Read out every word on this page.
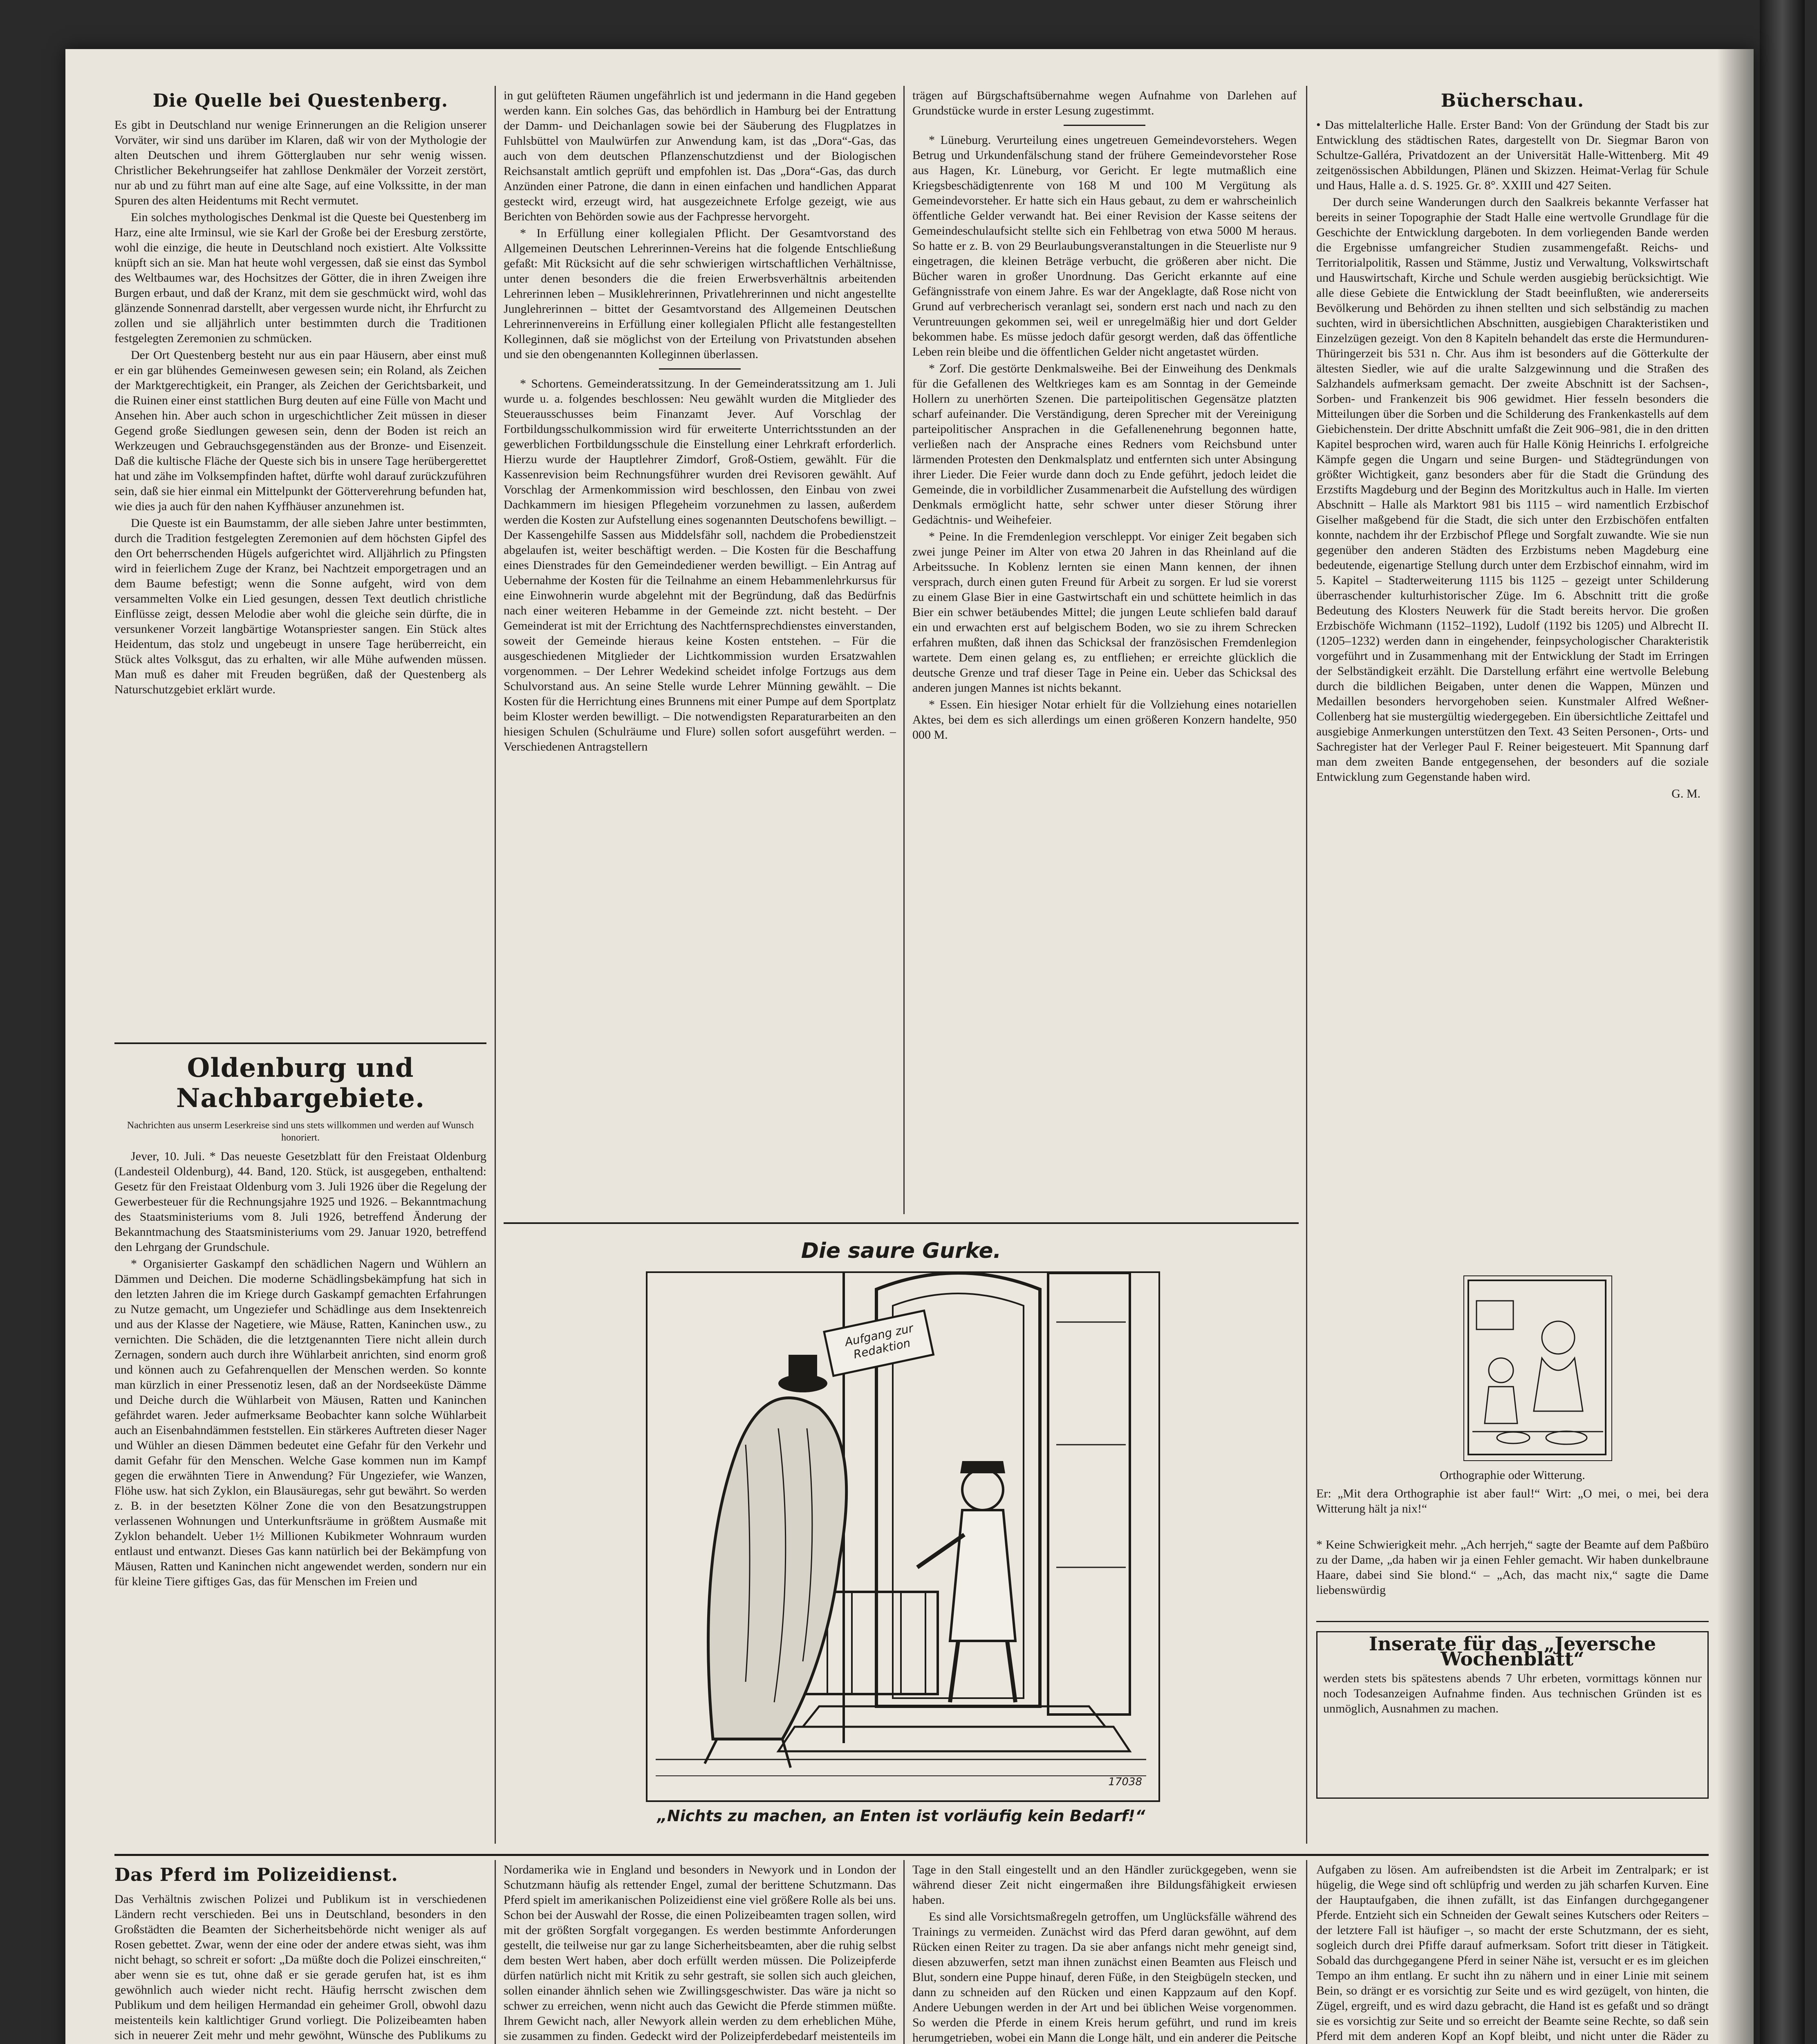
Die Quelle bei Questenberg.

Es gibt in Deutschland nur wenige Erinnerungen an die Religion unserer Vorväter, wir sind uns darüber im Klaren, daß wir von der Mythologie der alten Deutschen und ihrem Götterglauben nur sehr wenig wissen. Christlicher Bekehrungseifer hat zahllose Denkmäler der Vorzeit zerstört, nur ab und zu führt man auf eine alte Sage, auf eine Volkssitte, in der man Spuren des alten Heidentums mit Recht vermutet.

Ein solches mythologisches Denkmal ist die Queste bei Questenberg im Harz, eine alte Irminsul, wie sie Karl der Große bei der Eresburg zerstörte, wohl die einzige, die heute in Deutschland noch existiert. Alte Volkssitte knüpft sich an sie. Man hat heute wohl vergessen, daß sie einst das Symbol des Weltbaumes war, des Hochsitzes der Götter, die in ihren Zweigen ihre Burgen erbaut, und daß der Kranz, mit dem sie geschmückt wird, wohl das glänzende Sonnenrad darstellt, aber vergessen wurde nicht, ihr Ehrfurcht zu zollen und sie alljährlich unter bestimmten durch die Traditionen festgelegten Zeremonien zu schmücken.

Der Ort Questenberg besteht nur aus ein paar Häusern, aber einst muß er ein gar blühendes Gemeinwesen gewesen sein; ein Roland, als Zeichen der Marktgerechtigkeit, ein Pranger, als Zeichen der Gerichtsbarkeit, und die Ruinen einer einst stattlichen Burg deuten auf eine Fülle von Macht und Ansehen hin. Aber auch schon in urgeschichtlicher Zeit müssen in dieser Gegend große Siedlungen gewesen sein, denn der Boden ist reich an Werkzeugen und Gebrauchsgegenständen aus der Bronze- und Eisenzeit. Daß die kultische Fläche der Queste sich bis in unsere Tage herübergerettet hat und zähe im Volksempfinden haftet, dürfte wohl darauf zurückzuführen sein, daß sie hier einmal ein Mittelpunkt der Götterverehrung befunden hat, wie dies ja auch für den nahen Kyffhäuser anzunehmen ist.

Die Queste ist ein Baumstamm, der alle sieben Jahre unter bestimmten, durch die Tradition festgelegten Zeremonien auf dem höchsten Gipfel des den Ort beherrschenden Hügels aufgerichtet wird. Alljährlich zu Pfingsten wird in feierlichem Zuge der Kranz, bei Nachtzeit emporgetragen und an dem Baume befestigt; wenn die Sonne aufgeht, wird von dem versammelten Volke ein Lied gesungen, dessen Text deutlich christliche Einflüsse zeigt, dessen Melodie aber wohl die gleiche sein dürfte, die in versunkener Vorzeit langbärtige Wotanspriester sangen. Ein Stück altes Heidentum, das stolz und ungebeugt in unsere Tage herüberreicht, ein Stück altes Volksgut, das zu erhalten, wir alle Mühe aufwenden müssen. Man muß es daher mit Freuden begrüßen, daß der Questenberg als Naturschutzgebiet erklärt wurde.

Oldenburg und Nachbargebiete.
Nachrichten aus unserm Leserkreise sind uns stets willkommen und werden auf Wunsch honoriert.

Jever, 10. Juli. * Das neueste Gesetzblatt für den Freistaat Oldenburg (Landesteil Oldenburg), 44. Band, 120. Stück, ist ausgegeben, enthaltend: Gesetz für den Freistaat Oldenburg vom 3. Juli 1926 über die Regelung der Gewerbesteuer für die Rechnungsjahre 1925 und 1926. – Bekanntmachung des Staatsministeriums vom 8. Juli 1926, betreffend Änderung der Bekanntmachung des Staatsministeriums vom 29. Januar 1920, betreffend den Lehrgang der Grundschule.

* Organisierter Gaskampf den schädlichen Nagern und Wühlern an Dämmen und Deichen. Die moderne Schädlingsbekämpfung hat sich in den letzten Jahren die im Kriege durch Gaskampf gemachten Erfahrungen zu Nutze gemacht, um Ungeziefer und Schädlinge aus dem Insektenreich und aus der Klasse der Nagetiere, wie Mäuse, Ratten, Kaninchen usw., zu vernichten. Die Schäden, die die letztgenannten Tiere nicht allein durch Zernagen, sondern auch durch ihre Wühlarbeit anrichten, sind enorm groß und können auch zu Gefahrenquellen der Menschen werden. So konnte man kürzlich in einer Pressenotiz lesen, daß an der Nordseeküste Dämme und Deiche durch die Wühlarbeit von Mäusen, Ratten und Kaninchen gefährdet waren. Jeder aufmerksame Beobachter kann solche Wühlarbeit auch an Eisenbahndämmen feststellen. Ein stärkeres Auftreten dieser Nager und Wühler an diesen Dämmen bedeutet eine Gefahr für den Verkehr und damit Gefahr für den Menschen. Welche Gase kommen nun im Kampf gegen die erwähnten Tiere in Anwendung? Für Ungeziefer, wie Wanzen, Flöhe usw. hat sich Zyklon, ein Blausäuregas, sehr gut bewährt. So werden z. B. in der besetzten Kölner Zone die von den Besatzungstruppen verlassenen Wohnungen und Unterkunftsräume in größtem Ausmaße mit Zyklon behandelt. Ueber 1½ Millionen Kubikmeter Wohnraum wurden entlaust und entwanzt. Dieses Gas kann natürlich bei der Bekämpfung von Mäusen, Ratten und Kaninchen nicht angewendet werden, sondern nur ein für kleine Tiere giftiges Gas, das für Menschen im Freien und

in gut gelüfteten Räumen ungefährlich ist und jedermann in die Hand gegeben werden kann. Ein solches Gas, das behördlich in Hamburg bei der Entrattung der Damm- und Deichanlagen sowie bei der Säuberung des Flugplatzes in Fuhlsbüttel von Maulwürfen zur Anwendung kam, ist das „Dora“-Gas, das auch von dem deutschen Pflanzenschutzdienst und der Biologischen Reichsanstalt amtlich geprüft und empfohlen ist. Das „Dora“-Gas, das durch Anzünden einer Patrone, die dann in einen einfachen und handlichen Apparat gesteckt wird, erzeugt wird, hat ausgezeichnete Erfolge gezeigt, wie aus Berichten von Behörden sowie aus der Fachpresse hervorgeht.

* In Erfüllung einer kollegialen Pflicht. Der Gesamtvorstand des Allgemeinen Deutschen Lehrerinnen-Vereins hat die folgende Entschließung gefaßt: Mit Rücksicht auf die sehr schwierigen wirtschaftlichen Verhältnisse, unter denen besonders die die freien Erwerbsverhältnis arbeitenden Lehrerinnen leben – Musiklehrerinnen, Privatlehrerinnen und nicht angestellte Junglehrerinnen – bittet der Gesamtvorstand des Allgemeinen Deutschen Lehrerinnenvereins in Erfüllung einer kollegialen Pflicht alle festangestellten Kolleginnen, daß sie möglichst von der Erteilung von Privatstunden absehen und sie den obengenannten Kolleginnen überlassen.

* Schortens. Gemeinderatssitzung. In der Gemeinderatssitzung am 1. Juli wurde u. a. folgendes beschlossen: Neu gewählt wurden die Mitglieder des Steuerausschusses beim Finanzamt Jever. Auf Vorschlag der Fortbildungsschulkommission wird für erweiterte Unterrichtsstunden an der gewerblichen Fortbildungsschule die Einstellung einer Lehrkraft erforderlich. Hierzu wurde der Hauptlehrer Zimdorf, Groß-Ostiem, gewählt. Für die Kassenrevision beim Rechnungsführer wurden drei Revisoren gewählt. Auf Vorschlag der Armenkommission wird beschlossen, den Einbau von zwei Dachkammern im hiesigen Pflegeheim vorzunehmen zu lassen, außerdem werden die Kosten zur Aufstellung eines sogenannten Deutschofens bewilligt. – Der Kassengehilfe Sassen aus Middelsfähr soll, nachdem die Probedienstzeit abgelaufen ist, weiter beschäftigt werden. – Die Kosten für die Beschaffung eines Dienstrades für den Gemeindediener werden bewilligt. – Ein Antrag auf Uebernahme der Kosten für die Teilnahme an einem Hebammenlehrkursus für eine Einwohnerin wurde abgelehnt mit der Begründung, daß das Bedürfnis nach einer weiteren Hebamme in der Gemeinde zzt. nicht besteht. – Der Gemeinderat ist mit der Errichtung des Nachtfernsprechdienstes einverstanden, soweit der Gemeinde hieraus keine Kosten entstehen. – Für die ausgeschiedenen Mitglieder der Lichtkommission wurden Ersatzwahlen vorgenommen. – Der Lehrer Wedekind scheidet infolge Fortzugs aus dem Schulvorstand aus. An seine Stelle wurde Lehrer Münning gewählt. – Die Kosten für die Herrichtung eines Brunnens mit einer Pumpe auf dem Sportplatz beim Kloster werden bewilligt. – Die notwendigsten Reparaturarbeiten an den hiesigen Schulen (Schulräume und Flure) sollen sofort ausgeführt werden. – Verschiedenen Antragstellern

trägen auf Bürgschaftsübernahme wegen Aufnahme von Darlehen auf Grundstücke wurde in erster Lesung zugestimmt.

* Lüneburg. Verurteilung eines ungetreuen Gemeindevorstehers. Wegen Betrug und Urkundenfälschung stand der frühere Gemeindevorsteher Rose aus Hagen, Kr. Lüneburg, vor Gericht. Er legte mutmaßlich eine Kriegsbeschädigtenrente von 168 M und 100 M Vergütung als Gemeindevorsteher. Er hatte sich ein Haus gebaut, zu dem er wahrscheinlich öffentliche Gelder verwandt hat. Bei einer Revision der Kasse seitens der Gemeindeschulaufsicht stellte sich ein Fehlbetrag von etwa 5000 M heraus. So hatte er z. B. von 29 Beurlaubungsveranstaltungen in die Steuerliste nur 9 eingetragen, die kleinen Beträge verbucht, die größeren aber nicht. Die Bücher waren in großer Unordnung. Das Gericht erkannte auf eine Gefängnisstrafe von einem Jahre. Es war der Angeklagte, daß Rose nicht von Grund auf verbrecherisch veranlagt sei, sondern erst nach und nach zu den Veruntreuungen gekommen sei, weil er unregelmäßig hier und dort Gelder bekommen habe. Es müsse jedoch dafür gesorgt werden, daß das öffentliche Leben rein bleibe und die öffentlichen Gelder nicht angetastet würden.

* Zorf. Die gestörte Denkmalsweihe. Bei der Einweihung des Denkmals für die Gefallenen des Weltkrieges kam es am Sonntag in der Gemeinde Hollern zu unerhörten Szenen. Die parteipolitischen Gegensätze platzten scharf aufeinander. Die Verständigung, deren Sprecher mit der Vereinigung parteipolitischer Ansprachen in die Gefallenenehrung begonnen hatte, verließen nach der Ansprache eines Redners vom Reichsbund unter lärmenden Protesten den Denkmalsplatz und entfernten sich unter Absingung ihrer Lieder. Die Feier wurde dann doch zu Ende geführt, jedoch leidet die Gemeinde, die in vorbildlicher Zusammenarbeit die Aufstellung des würdigen Denkmals ermöglicht hatte, sehr schwer unter dieser Störung ihrer Gedächtnis- und Weihefeier.

* Peine. In die Fremdenlegion verschleppt. Vor einiger Zeit begaben sich zwei junge Peiner im Alter von etwa 20 Jahren in das Rheinland auf die Arbeitssuche. In Koblenz lernten sie einen Mann kennen, der ihnen versprach, durch einen guten Freund für Arbeit zu sorgen. Er lud sie vorerst zu einem Glase Bier in eine Gastwirtschaft ein und schüttete heimlich in das Bier ein schwer betäubendes Mittel; die jungen Leute schliefen bald darauf ein und erwachten erst auf belgischem Boden, wo sie zu ihrem Schrecken erfahren mußten, daß ihnen das Schicksal der französischen Fremdenlegion wartete. Dem einen gelang es, zu entfliehen; er erreichte glücklich die deutsche Grenze und traf dieser Tage in Peine ein. Ueber das Schicksal des anderen jungen Mannes ist nichts bekannt.

* Essen. Ein hiesiger Notar erhielt für die Vollziehung eines notariellen Aktes, bei dem es sich allerdings um einen größeren Konzern handelte, 950 000 M.

Bücherschau.

• Das mittelalterliche Halle. Erster Band: Von der Gründung der Stadt bis zur Entwicklung des städtischen Rates, dargestellt von Dr. Siegmar Baron von Schultze-Galléra, Privatdozent an der Universität Halle-Wittenberg. Mit 49 zeitgenössischen Abbildungen, Plänen und Skizzen. Heimat-Verlag für Schule und Haus, Halle a. d. S. 1925. Gr. 8°. XXIII und 427 Seiten.

Der durch seine Wanderungen durch den Saalkreis bekannte Verfasser hat bereits in seiner Topographie der Stadt Halle eine wertvolle Grundlage für die Geschichte der Entwicklung dargeboten. In dem vorliegenden Bande werden die Ergebnisse umfangreicher Studien zusammengefaßt. Reichs- und Territorialpolitik, Rassen und Stämme, Justiz und Verwaltung, Volkswirtschaft und Hauswirtschaft, Kirche und Schule werden ausgiebig berücksichtigt. Wie alle diese Gebiete die Entwicklung der Stadt beeinflußten, wie andererseits Bevölkerung und Behörden zu ihnen stellten und sich selbständig zu machen suchten, wird in übersichtlichen Abschnitten, ausgiebigen Charakteristiken und Einzelzügen gezeigt. Von den 8 Kapiteln behandelt das erste die Hermunduren-Thüringerzeit bis 531 n. Chr. Aus ihm ist besonders auf die Götterkulte der ältesten Siedler, wie auf die uralte Salzgewinnung und die Straßen des Salzhandels aufmerksam gemacht. Der zweite Abschnitt ist der Sachsen-, Sorben- und Frankenzeit bis 906 gewidmet. Hier fesseln besonders die Mitteilungen über die Sorben und die Schilderung des Frankenkastells auf dem Giebichenstein. Der dritte Abschnitt umfaßt die Zeit 906–981, die in den dritten Kapitel besprochen wird, waren auch für Halle König Heinrichs I. erfolgreiche Kämpfe gegen die Ungarn und seine Burgen- und Städtegründungen von größter Wichtigkeit, ganz besonders aber für die Stadt die Gründung des Erzstifts Magdeburg und der Beginn des Moritzkultus auch in Halle. Im vierten Abschnitt – Halle als Marktort 981 bis 1115 – wird namentlich Erzbischof Giselher maßgebend für die Stadt, die sich unter den Erzbischöfen entfalten konnte, nachdem ihr der Erzbischof Pflege und Sorgfalt zuwandte. Wie sie nun gegenüber den anderen Städten des Erzbistums neben Magdeburg eine bedeutende, eigenartige Stellung durch unter dem Erzbischof einnahm, wird im 5. Kapitel – Stadterweiterung 1115 bis 1125 – gezeigt unter Schilderung überraschender kulturhistorischer Züge. Im 6. Abschnitt tritt die große Bedeutung des Klosters Neuwerk für die Stadt bereits hervor. Die großen Erzbischöfe Wichmann (1152–1192), Ludolf (1192 bis 1205) und Albrecht II. (1205–1232) werden dann in eingehender, feinpsychologischer Charakteristik vorgeführt und in Zusammenhang mit der Entwicklung der Stadt im Erringen der Selbständigkeit erzählt. Die Darstellung erfährt eine wertvolle Belebung durch die bildlichen Beigaben, unter denen die Wappen, Münzen und Medaillen besonders hervorgehoben seien. Kunstmaler Alfred Weßner-Collenberg hat sie mustergültig wiedergegeben. Ein übersichtliche Zeittafel und ausgiebige Anmerkungen unterstützen den Text. 43 Seiten Personen-, Orts- und Sachregister hat der Verleger Paul F. Reiner beigesteuert. Mit Spannung darf man dem zweiten Bande entgegensehen, der besonders auf die soziale Entwicklung zum Gegenstande haben wird.

G. M.
Orthographie oder Witterung.
Er: „Mit dera Orthographie ist aber faul!“ Wirt: „O mei, o mei, bei dera Witterung hält ja nix!“
* Keine Schwierigkeit mehr. „Ach herrjeh,“ sagte der Beamte auf dem Paßbüro zu der Dame, „da haben wir ja einen Fehler gemacht. Wir haben dunkelbraune Haare, dabei sind Sie blond.“ – „Ach, das macht nix,“ sagte die Dame liebenswürdig
Inserate für das „Jeversche Wochenblatt“
werden stets bis spätestens abends 7 Uhr erbeten, vormittags können nur noch Todesanzeigen Aufnahme finden. Aus technischen Gründen ist es unmöglich, Ausnahmen zu machen.
Die saure Gurke.
Aufgang zur Redaktion
17038
„Nichts zu machen, an Enten ist vorläufig kein Bedarf!“
Das Pferd im Polizeidienst.

Das Verhältnis zwischen Polizei und Publikum ist in verschiedenen Ländern recht verschieden. Bei uns in Deutschland, besonders in den Großstädten die Beamten der Sicherheitsbehörde nicht weniger als auf Rosen gebettet. Zwar, wenn der eine oder der andere etwas sieht, was ihm nicht behagt, so schreit er sofort: „Da müßte doch die Polizei einschreiten,“ aber wenn sie es tut, ohne daß er sie gerade gerufen hat, ist es ihm gewöhnlich auch wieder nicht recht. Häufig herrscht zwischen dem Publikum und dem heiligen Hermandad ein geheimer Groll, obwohl dazu meistenteils kein kaltlichtiger Grund vorliegt. Die Polizeibeamten haben sich in neuerer Zeit mehr und mehr gewöhnt, Wünsche des Publikums zu

Nordamerika wie in England und besonders in Newyork und in London der Schutzmann häufig als rettender Engel, zumal der berittene Schutzmann. Das Pferd spielt im amerikanischen Polizeidienst eine viel größere Rolle als bei uns. Schon bei der Auswahl der Rosse, die einen Polizeibeamten tragen sollen, wird mit der größten Sorgfalt vorgegangen. Es werden bestimmte Anforderungen gestellt, die teilweise nur gar zu lange Sicherheitsbeamten, aber die ruhig selbst dem besten Wert haben, aber doch erfüllt werden müssen. Die Polizeipferde dürfen natürlich nicht mit Kritik zu sehr gestraft, sie sollen sich auch gleichen, sollen einander ähnlich sehen wie Zwillingsgeschwister. Das wäre ja nicht so schwer zu erreichen, wenn nicht auch das Gewicht die Pferde stimmen müßte. Ihrem Gewicht nach, aller Newyork allein werden zu dem erheblichen Mühe, sie zusammen zu finden. Gedeckt wird der Polizeipferdebedarf meistenteils im

Tage in den Stall eingestellt und an den Händler zurückgegeben, wenn sie während dieser Zeit nicht eingermaßen ihre Bildungsfähigkeit erwiesen haben.

Es sind alle Vorsichtsmaßregeln getroffen, um Unglücksfälle während des Trainings zu vermeiden. Zunächst wird das Pferd daran gewöhnt, auf dem Rücken einen Reiter zu tragen. Da sie aber anfangs nicht mehr geneigt sind, diesen abzuwerfen, setzt man ihnen zunächst einen Beamten aus Fleisch und Blut, sondern eine Puppe hinauf, deren Füße, in den Steigbügeln stecken, und dann zu schneiden auf den Rücken und einen Kappzaum auf den Kopf. Andere Uebungen werden in der Art und bei üblichen Weise vorgenommen. So werden die Pferde in einem Kreis herum geführt, und rund im kreis herumgetrieben, wobei ein Mann die Longe hält, und ein anderer die Peitsche

Aufgaben zu lösen. Am aufreibendsten ist die Arbeit im Zentralpark; er ist hügelig, die Wege sind oft schlüpfrig und werden zu jäh scharfen Kurven. Eine der Hauptaufgaben, die ihnen zufällt, ist das Einfangen durchgegangener Pferde. Entzieht sich ein Schneiden der Gewalt seines Kutschers oder Reiters – der letztere Fall ist häufiger –, so macht der erste Schutzmann, der es sieht, sogleich durch drei Pfiffe darauf aufmerksam. Sofort tritt dieser in Tätigkeit. Sobald das durchgegangene Pferd in seiner Nähe ist, versucht er es im gleichen Tempo an ihm entlang. Er sucht ihn zu nähern und in einer Linie mit seinem Bein, so drängt er es vorsichtig zur Seite und es wird gezügelt, von hinten, die Zügel, ergreift, und es wird dazu gebracht, die Hand ist es gefaßt und so drängt sie es vorsichtig zur Seite und so erreicht der Beamte seine Rechte, so daß sein Pferd mit dem anderen Kopf an Kopf bleibt, und nicht unter die Räder zu
